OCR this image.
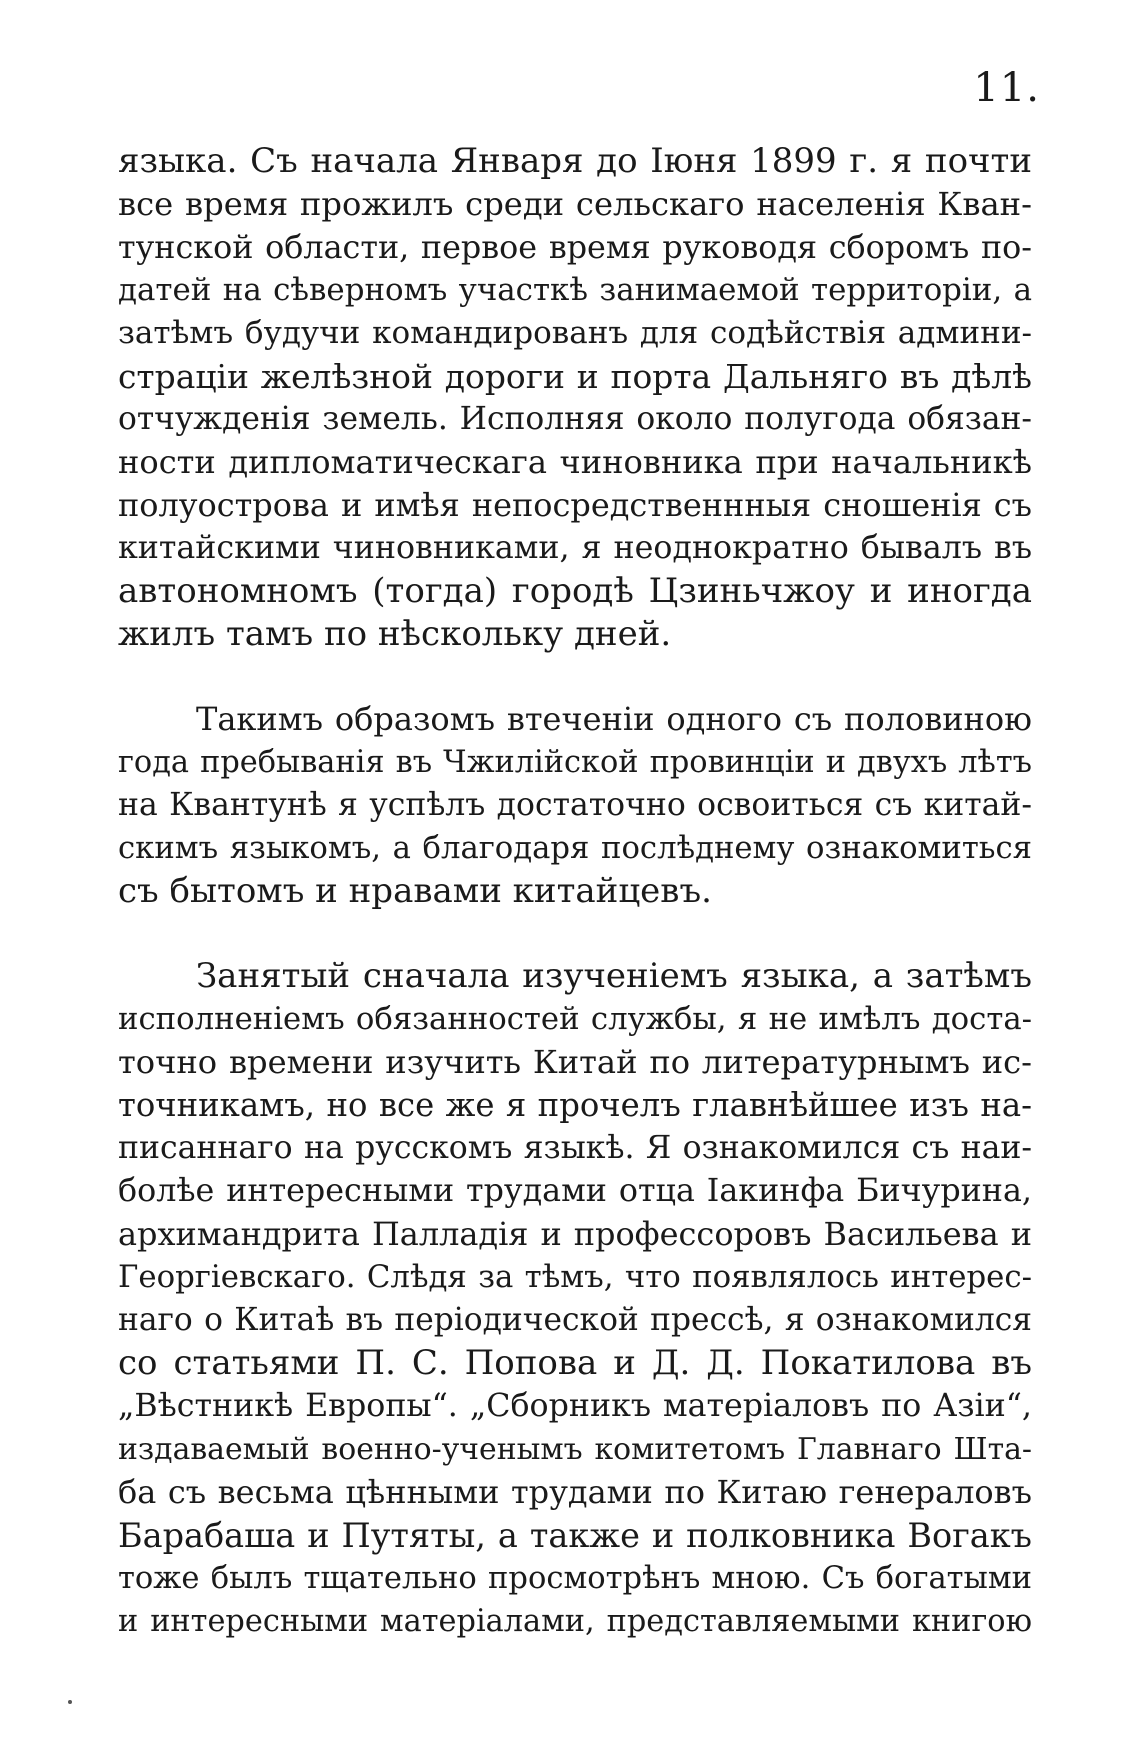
11.
языка. Съ начала Января до Іюня 1899 г. я почти
все время прожилъ среди сельскаго населенія Кван-
тунской области, первое время руководя сборомъ по-
датей на сѣверномъ участкѣ занимаемой территоріи, а
затѣмъ будучи командированъ для содѣйствія админи-
страціи желѣзной дороги и порта Дальняго въ дѣлѣ
отчужденія земель. Исполняя около полугода обязан-
ности дипломатическага чиновника при начальникѣ
полуострова и имѣя непосредственнныя сношенія съ
китайскими чиновниками, я неоднократно бывалъ въ
автономномъ (тогда) городѣ Цзиньчжоу и иногда
жилъ тамъ по нѣскольку дней.
Такимъ образомъ втеченіи одного съ половиною
года пребыванія въ Чжилійской провинціи и двухъ лѣтъ
на Квантунѣ я успѣлъ достаточно освоиться съ китай-
скимъ языкомъ, а благодаря послѣднему ознакомиться
съ бытомъ и нравами китайцевъ.
Занятый сначала изученіемъ языка, а затѣмъ
исполненіемъ обязанностей службы, я не имѣлъ доста-
точно времени изучить Китай по литературнымъ ис-
точникамъ, но все же я прочелъ главнѣйшее изъ на-
писаннаго на русскомъ языкѣ. Я ознакомился съ наи-
болѣе интересными трудами отца Іакинфа Бичурина,
архимандрита Палладія и профессоровъ Васильева и
Георгіевскаго. Слѣдя за тѣмъ, что появлялось интерес-
наго о Китаѣ въ періодической прессѣ, я ознакомился
со статьями П. С. Попова и Д. Д. Покатилова въ
„Вѣстникѣ Европы“. „Сборникъ матеріаловъ по Азіи“,
издаваемый военно-ученымъ комитетомъ Главнаго Шта-
ба съ весьма цѣнными трудами по Китаю генераловъ
Барабаша и Путяты, а также и полковника Вогакъ
тоже былъ тщательно просмотрѣнъ мною. Съ богатыми
и интересными матеріалами, представляемыми книгою
